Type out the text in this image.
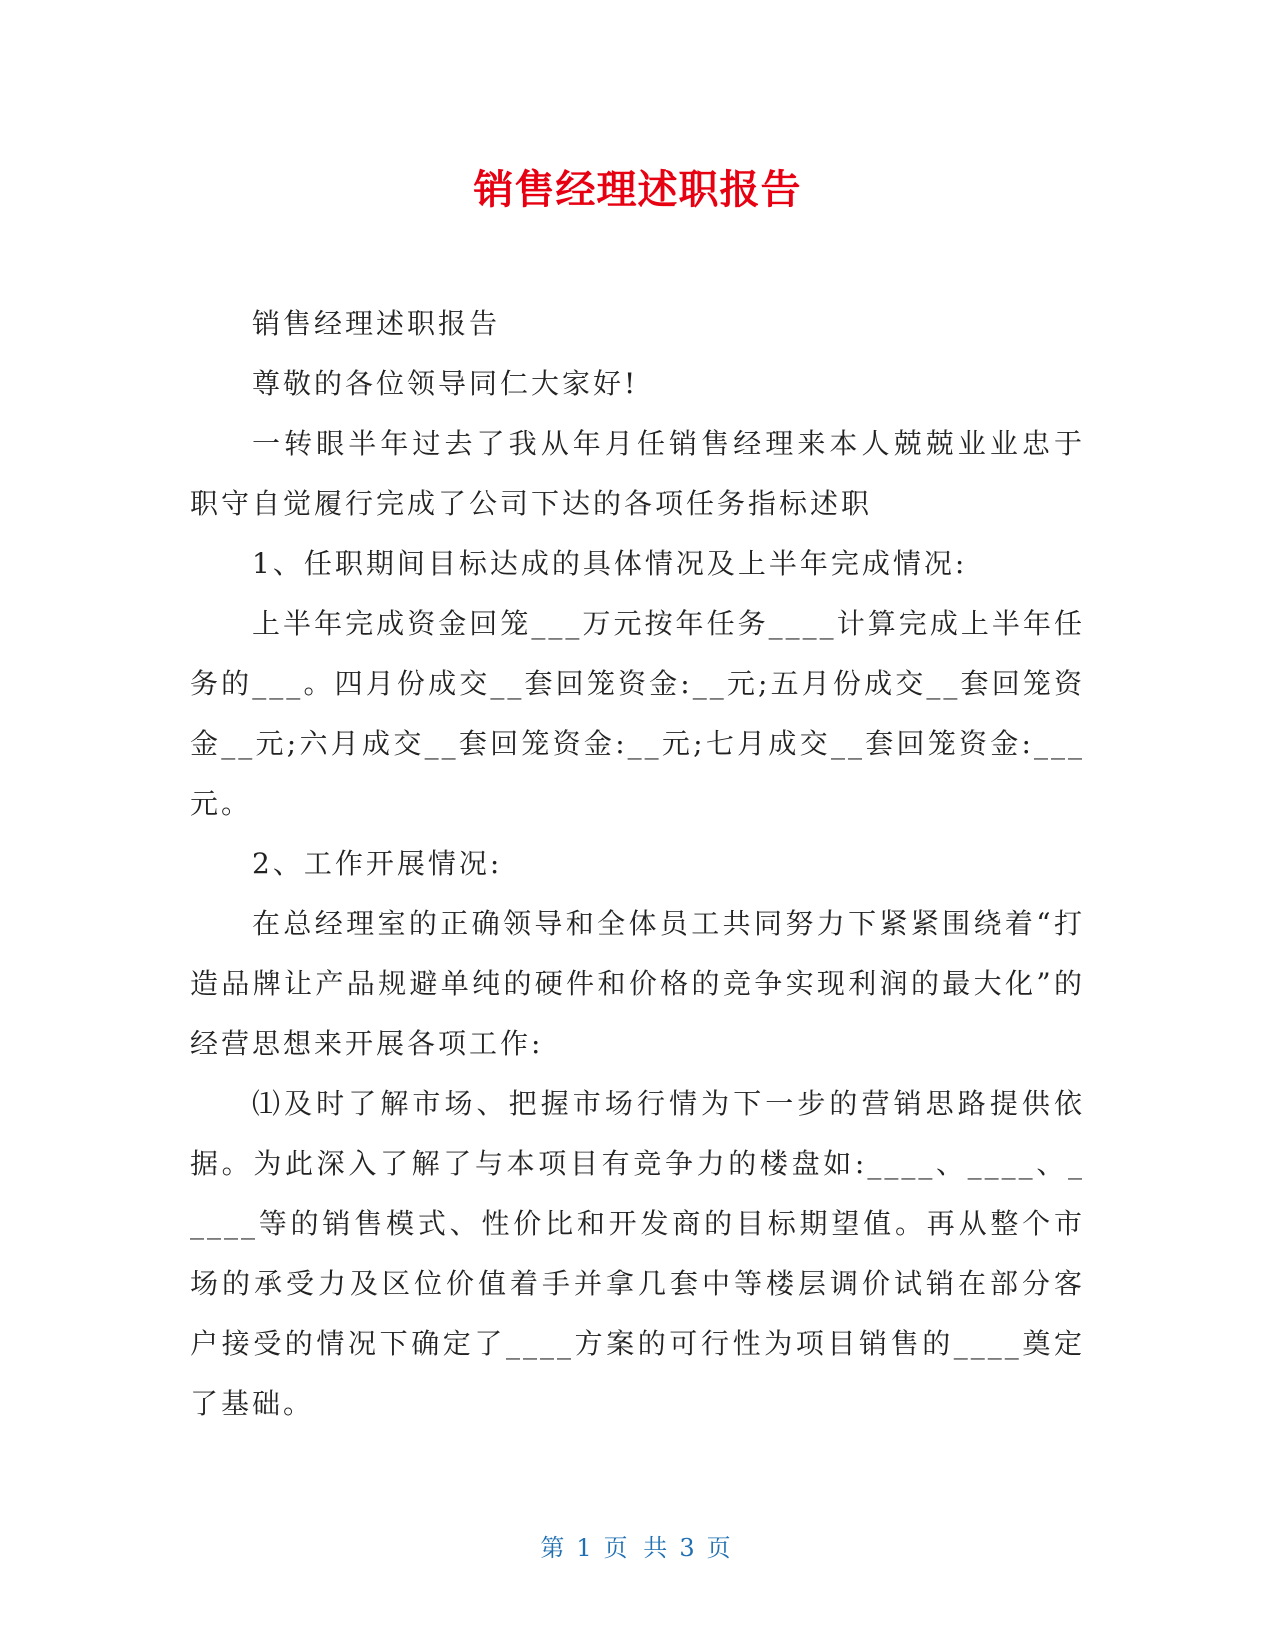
销售经理述职报告

销售经理述职报告

尊敬的各位领导同仁大家好!

一转眼半年过去了我从年月任销售经理来本人兢兢业业忠于职守自觉履行完成了公司下达的各项任务指标述职

1、任职期间目标达成的具体情况及上半年完成情况:

上半年完成资金回笼___万元按年任务____计算完成上半年任务的___。四月份成交__套回笼资金:__元;五月份成交__套回笼资金__元;六月成交__套回笼资金:__元;七月成交__套回笼资金:___元。

2、工作开展情况:

在总经理室的正确领导和全体员工共同努力下紧紧围绕着“打造品牌让产品规避单纯的硬件和价格的竞争实现利润的最大化”的经营思想来开展各项工作:

⑴及时了解市场、把握市场行情为下一步的营销思路提供依据。为此深入了解了与本项目有竞争力的楼盘如:____、____、_____等的销售模式、性价比和开发商的目标期望值。再从整个市场的承受力及区位价值着手并拿几套中等楼层调价试销在部分客户接受的情况下确定了____方案的可行性为项目销售的____奠定了基础。

第 1 页 共 3 页
